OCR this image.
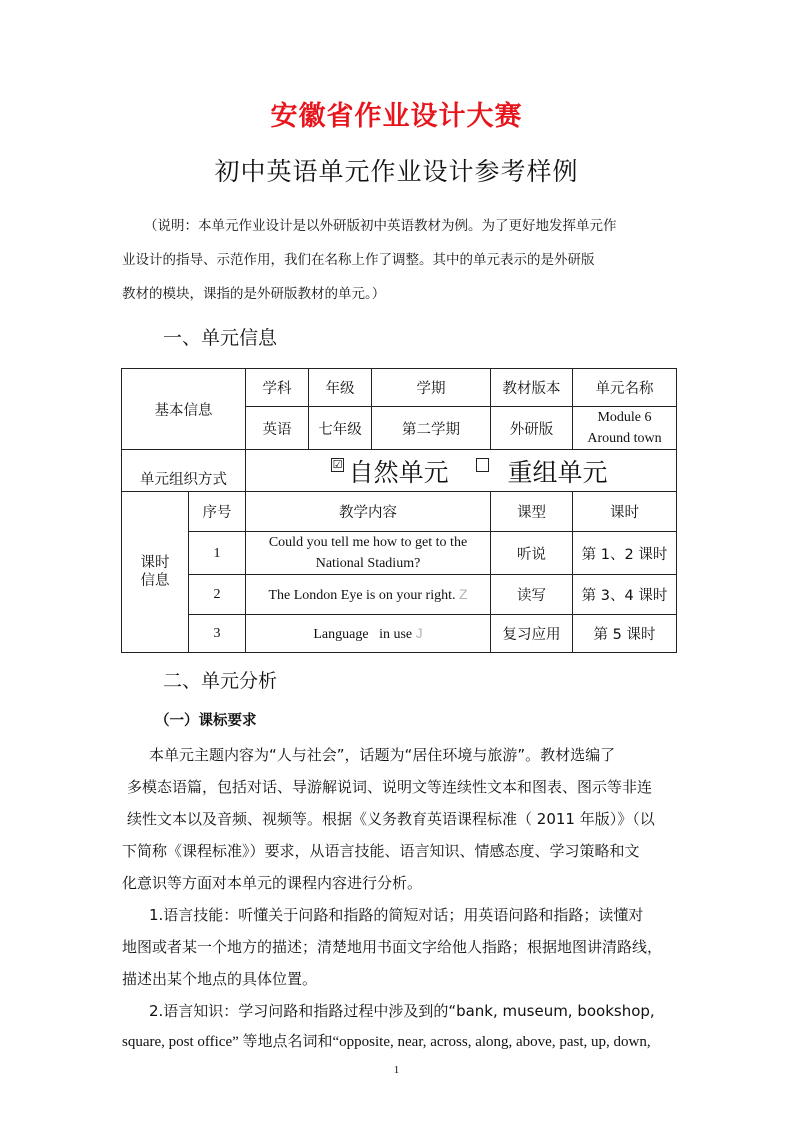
安徽省作业设计大赛
初中英语单元作业设计参考样例
（说明：本单元作业设计是以外研版初中英语教材为例。为了更好地发挥单元作
业设计的指导、示范作用，我们在名称上作了调整。其中的单元表示的是外研版
教材的模块，课指的是外研版教材的单元。）
一、单元信息
基本信息		学科	年级	学期	教材版本	单元名称
		英语	七年级	第二学期	外研版	Module 6
Around town

单元组织方式		☑ 自然单元 重组单元				

课时
信息	序号	教学内容			课型	课时
	1	Could you tell me how to get to the
National Stadium?			听说	第 1、2 课时
	2	The London Eye is on your right. Z			读写	第 3、4 课时
	3	Language   in use J			复习应用	第 5 课时
二、单元分析
（一）课标要求
本单元主题内容为“人与社会”，话题为“居住环境与旅游”。教材选编了
多模态语篇，包括对话、导游解说词、说明文等连续性文本和图表、图示等非连
续性文本以及音频、视频等。根据《义务教育英语课程标准（ 2011 年版）》（以
下简称《课程标准》）要求，从语言技能、语言知识、情感态度、学习策略和文
化意识等方面对本单元的课程内容进行分析。
1.语言技能：听懂关于问路和指路的简短对话；用英语问路和指路；读懂对
地图或者某一个地方的描述；清楚地用书面文字给他人指路；根据地图讲清路线，
描述出某个地点的具体位置。
2.语言知识：学习问路和指路过程中涉及到的“bank, museum, bookshop,
square, post office” 等地点名词和“opposite, near, across, along, above, past, up, down,
1
